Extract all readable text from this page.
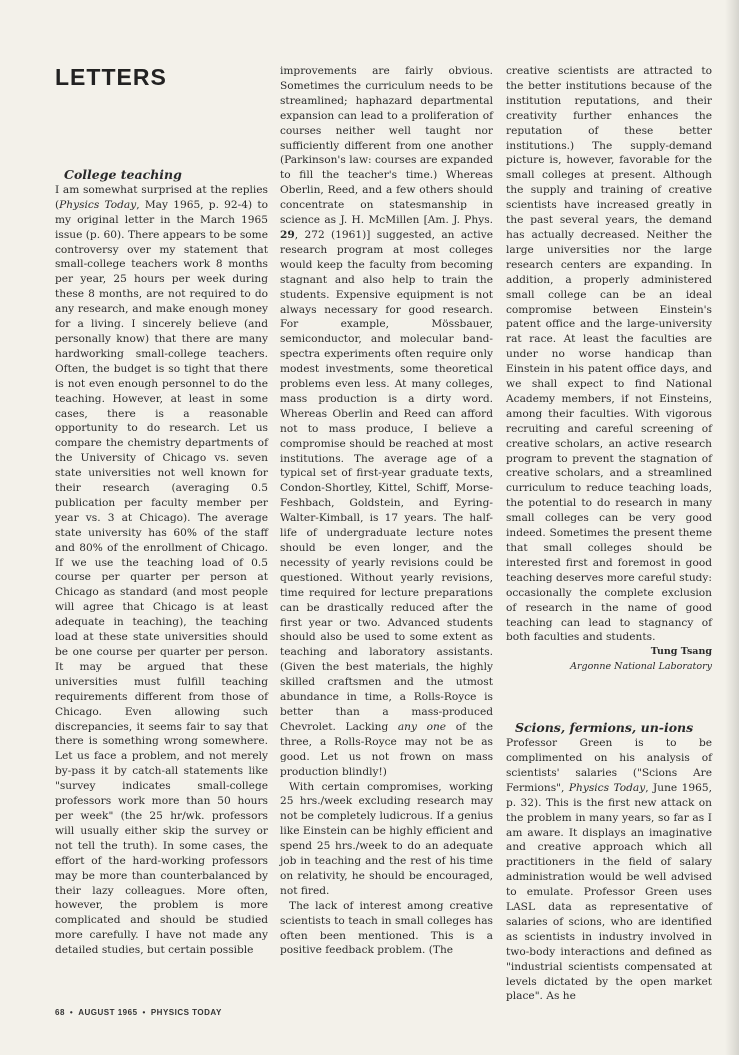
LETTERS

College teaching

I am somewhat surprised at the replies (Physics Today, May 1965, p. 92-4) to my original letter in the March 1965 issue (p. 60). There appears to be some controversy over my statement that small-college teachers work 8 months per year, 25 hours per week during these 8 months, are not required to do any research, and make enough money for a living. I sincerely believe (and personally know) that there are many hardworking small-college teachers. Often, the budget is so tight that there is not even enough personnel to do the teaching. However, at least in some cases, there is a reasonable opportunity to do research. Let us compare the chemistry departments of the University of Chicago vs. seven state universities not well known for their research (averaging 0.5 publication per faculty member per year vs. 3 at Chicago). The average state university has 60% of the staff and 80% of the enrollment of Chicago. If we use the teaching load of 0.5 course per quarter per person at Chicago as standard (and most people will agree that Chicago is at least adequate in teaching), the teaching load at these state universities should be one course per quarter per person. It may be argued that these universities must fulfill teaching requirements different from those of Chicago. Even allowing such discrepancies, it seems fair to say that there is something wrong somewhere. Let us face a problem, and not merely by-pass it by catch-all statements like "survey indicates small-college professors work more than 50 hours per week" (the 25 hr/wk. professors will usually either skip the survey or not tell the truth). In some cases, the effort of the hard-working professors may be more than counterbalanced by their lazy colleagues. More often, however, the problem is more complicated and should be studied more carefully. I have not made any detailed studies, but certain possible

improvements are fairly obvious. Sometimes the curriculum needs to be streamlined; haphazard departmental expansion can lead to a proliferation of courses neither well taught nor sufficiently different from one another (Parkinson's law: courses are expanded to fill the teacher's time.) Whereas Oberlin, Reed, and a few others should concentrate on statesmanship in science as J. H. McMillen [Am. J. Phys. 29, 272 (1961)] suggested, an active research program at most colleges would keep the faculty from becoming stagnant and also help to train the students. Expensive equipment is not always necessary for good research. For example, Mössbauer, semiconductor, and molecular band-spectra experiments often require only modest investments, some theoretical problems even less. At many colleges, mass production is a dirty word. Whereas Oberlin and Reed can afford not to mass produce, I believe a compromise should be reached at most institutions. The average age of a typical set of first-year graduate texts, Condon-Shortley, Kittel, Schiff, Morse-Feshbach, Goldstein, and Eyring-Walter-Kimball, is 17 years. The half-life of undergraduate lecture notes should be even longer, and the necessity of yearly revisions could be questioned. Without yearly revisions, time required for lecture preparations can be drastically reduced after the first year or two. Advanced students should also be used to some extent as teaching and laboratory assistants. (Given the best materials, the highly skilled craftsmen and the utmost abundance in time, a Rolls-Royce is better than a mass-produced Chevrolet. Lacking any one of the three, a Rolls-Royce may not be as good. Let us not frown on mass production blindly!)

With certain compromises, working 25 hrs./week excluding research may not be completely ludicrous. If a genius like Einstein can be highly efficient and spend 25 hrs./week to do an adequate job in teaching and the rest of his time on relativity, he should be encouraged, not fired.

The lack of interest among creative scientists to teach in small colleges has often been mentioned. This is a positive feedback problem. (The

creative scientists are attracted to the better institutions because of the institution reputations, and their creativity further enhances the reputation of these better institutions.) The supply-demand picture is, however, favorable for the small colleges at present. Although the supply and training of creative scientists have increased greatly in the past several years, the demand has actually decreased. Neither the large universities nor the large research centers are expanding. In addition, a properly administered small college can be an ideal compromise between Einstein's patent office and the large-university rat race. At least the faculties are under no worse handicap than Einstein in his patent office days, and we shall expect to find National Academy members, if not Einsteins, among their faculties. With vigorous recruiting and careful screening of creative scholars, an active research program to prevent the stagnation of creative scholars, and a streamlined curriculum to reduce teaching loads, the potential to do research in many small colleges can be very good indeed. Sometimes the present theme that small colleges should be interested first and foremost in good teaching deserves more careful study: occasionally the complete exclusion of research in the name of good teaching can lead to stagnancy of both faculties and students.

Tung Tsang

Argonne National Laboratory

Scions, fermions, un-ions

Professor Green is to be complimented on his analysis of scientists' salaries ("Scions Are Fermions", Physics Today, June 1965, p. 32). This is the first new attack on the problem in many years, so far as I am aware. It displays an imaginative and creative approach which all practitioners in the field of salary administration would be well advised to emulate. Professor Green uses LASL data as representative of salaries of scions, who are identified as scientists in industry involved in two-body interactions and defined as "industrial scientists compensated at levels dictated by the open market place". As he

68 • AUGUST 1965 • PHYSICS TODAY
